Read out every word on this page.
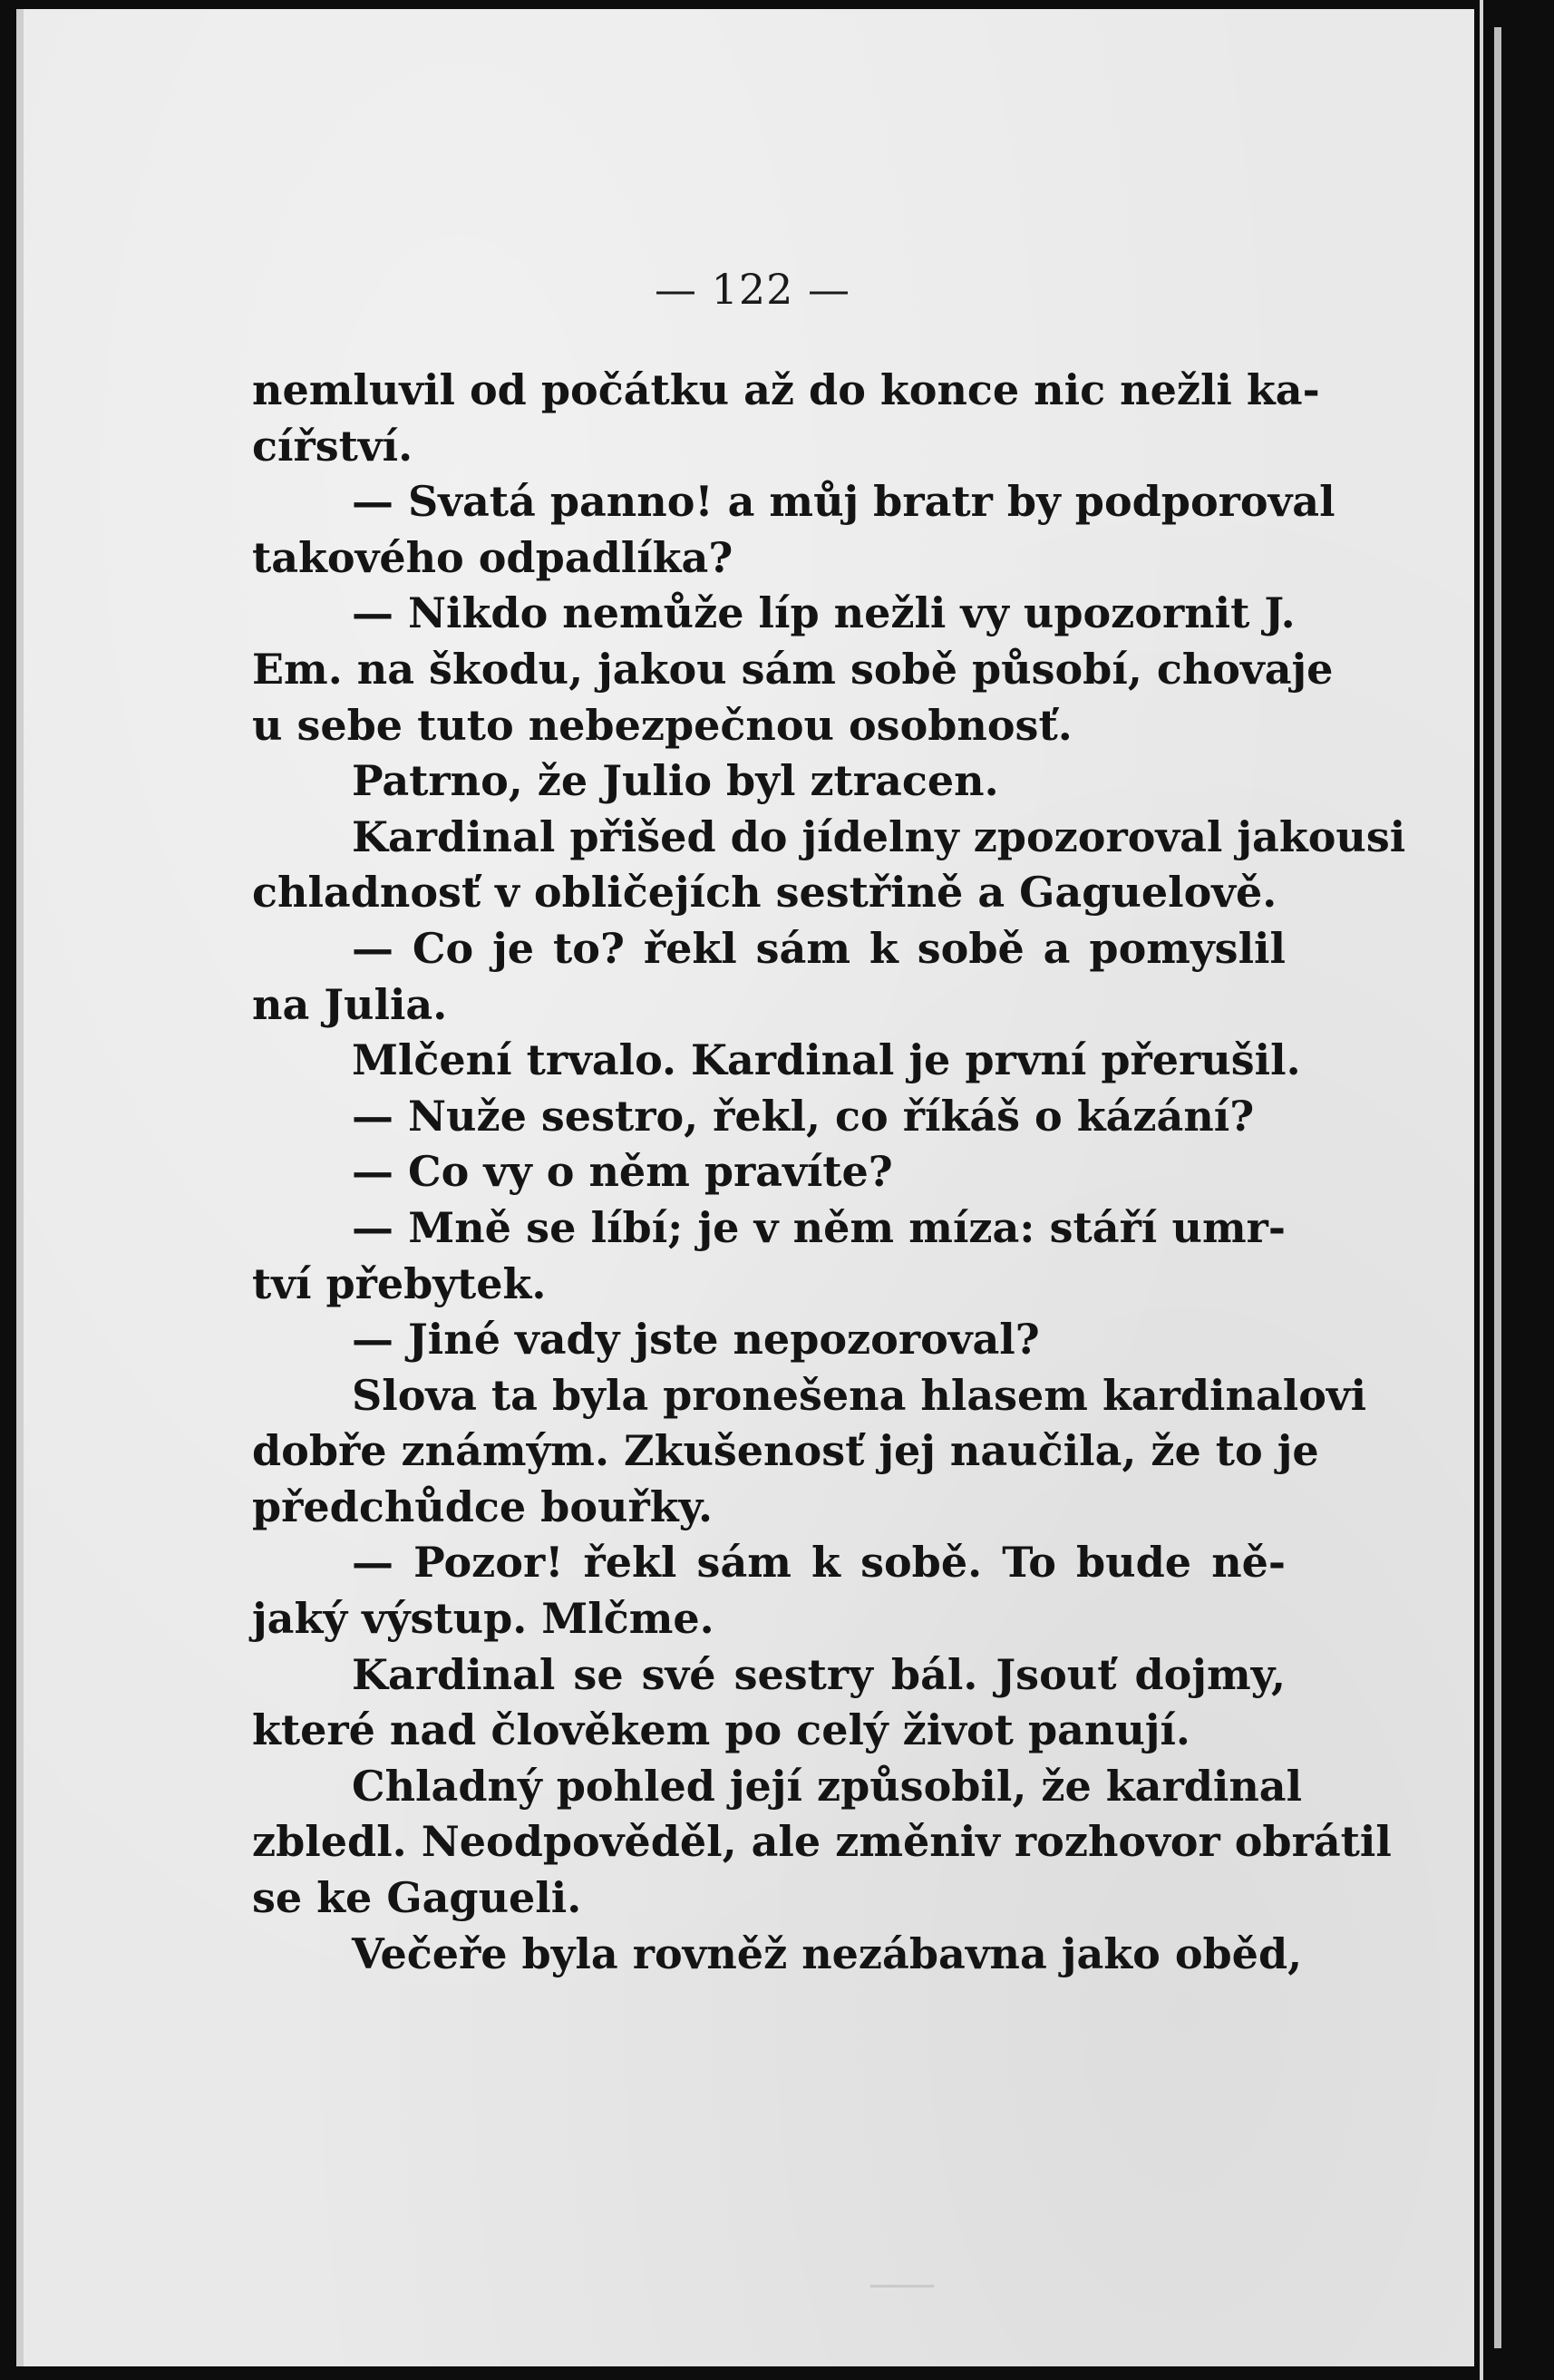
— 122 —
nemluvil od počátku až do konce nic nežli ka-
cířství.
— Svatá panno! a můj bratr by podporoval
takového odpadlíka?
— Nikdo nemůže líp nežli vy upozornit J.
Em. na škodu, jakou sám sobě působí, chovaje
u sebe tuto nebezpečnou osobnosť.
Patrno, že Julio byl ztracen.
Kardinal přišed do jídelny zpozoroval jakousi
chladnosť v obličejích sestřině a Gaguelově.
— Co je to? řekl sám k sobě a pomyslil
na Julia.
Mlčení trvalo. Kardinal je první přerušil.
— Nuže sestro, řekl, co říkáš o kázání?
— Co vy o něm pravíte?
— Mně se líbí; je v něm míza: stáří umr-
tví přebytek.
— Jiné vady jste nepozoroval?
Slova ta byla pronešena hlasem kardinalovi
dobře známým. Zkušenosť jej naučila, že to je
předchůdce bouřky.
— Pozor! řekl sám k sobě. To bude ně-
jaký výstup. Mlčme.
Kardinal se své sestry bál. Jsouť dojmy,
které nad člověkem po celý život panují.
Chladný pohled její způsobil, že kardinal
zbledl. Neodpověděl, ale změniv rozhovor obrátil
se ke Gagueli.
Večeře byla rovněž nezábavna jako oběd,
